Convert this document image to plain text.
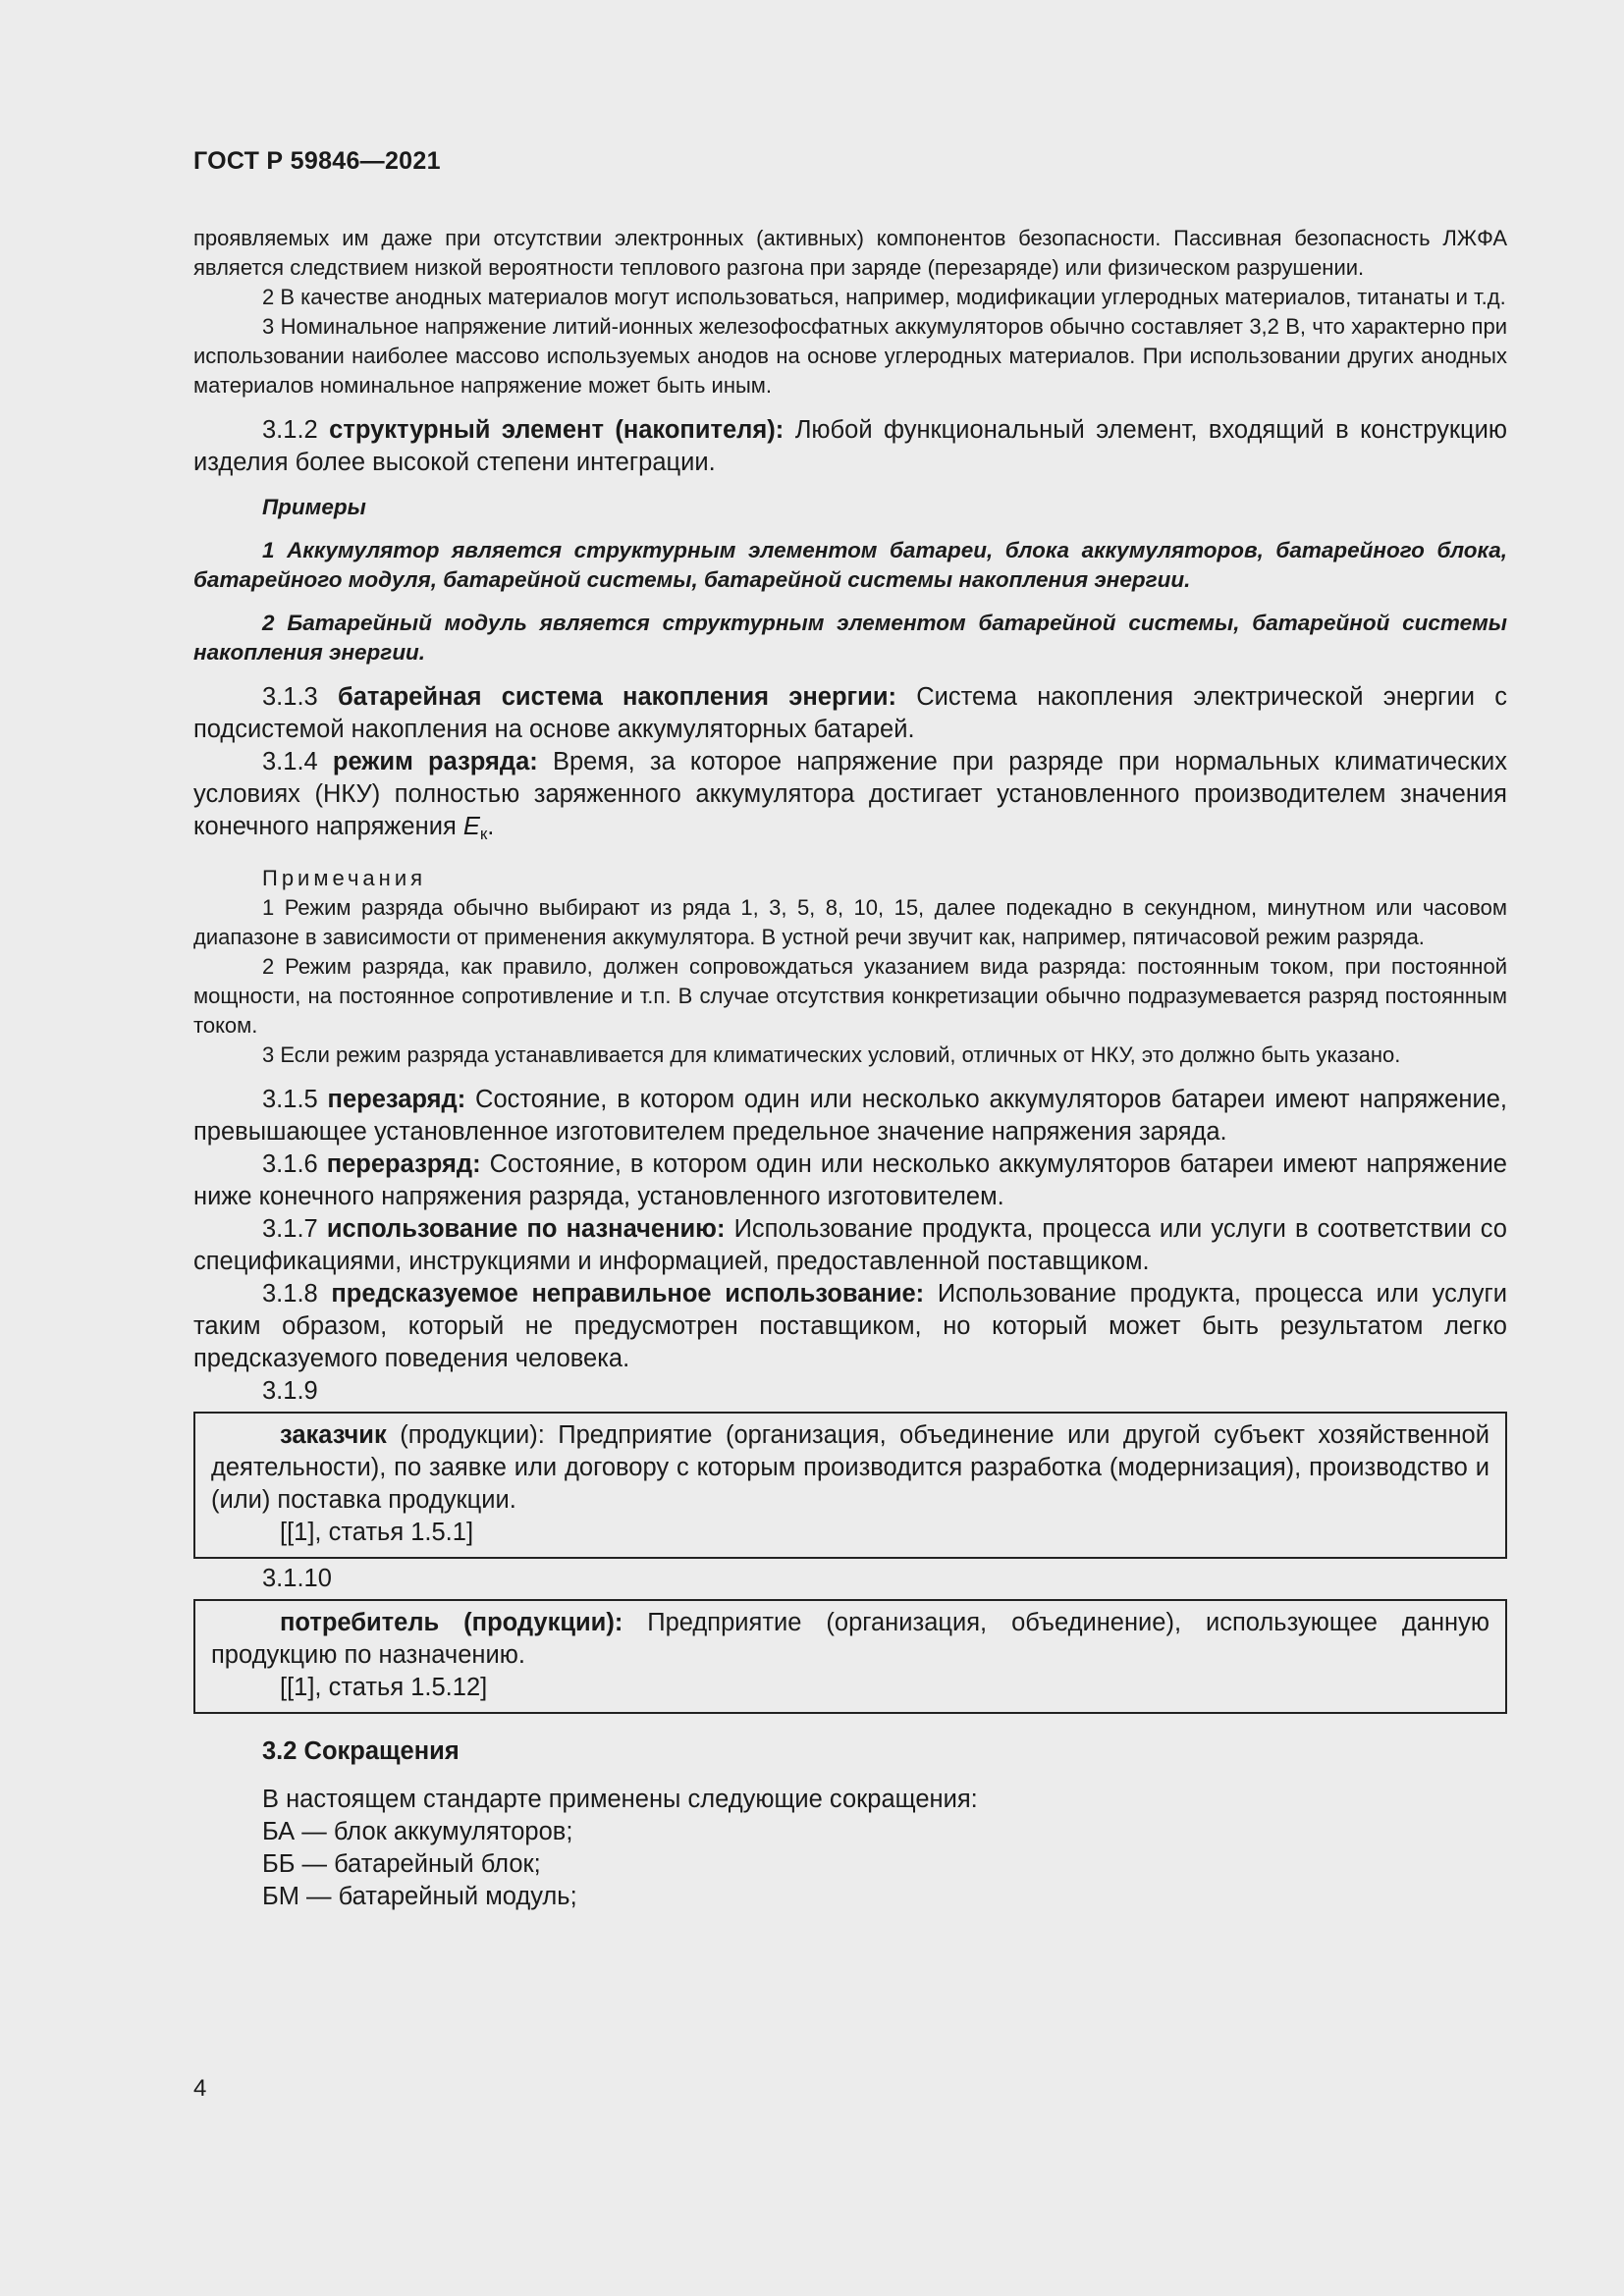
ГОСТ Р 59846—2021

проявляемых им даже при отсутствии электронных (активных) компонентов безопасности. Пассивная безопасность ЛЖФА является следствием низкой вероятности теплового разгона при заряде (перезаряде) или физическом разрушении.

2 В качестве анодных материалов могут использоваться, например, модификации углеродных материалов, титанаты и т.д.

3 Номинальное напряжение литий-ионных железофосфатных аккумуляторов обычно составляет 3,2 В, что характерно при использовании наиболее массово используемых анодов на основе углеродных материалов. При использовании других анодных материалов номинальное напряжение может быть иным.

3.1.2 структурный элемент (накопителя): Любой функциональный элемент, входящий в конструкцию изделия более высокой степени интеграции.

Примеры

1 Аккумулятор является структурным элементом батареи, блока аккумуляторов, батарейного блока, батарейного модуля, батарейной системы, батарейной системы накопления энергии.

2 Батарейный модуль является структурным элементом батарейной системы, батарейной системы накопления энергии.

3.1.3 батарейная система накопления энергии: Система накопления электрической энергии с подсистемой накопления на основе аккумуляторных батарей.

3.1.4 режим разряда: Время, за которое напряжение при разряде при нормальных климатических условиях (НКУ) полностью заряженного аккумулятора достигает установленного производителем значения конечного напряжения $E_к$.

Примечания

1 Режим разряда обычно выбирают из ряда 1, 3, 5, 8, 10, 15, далее подекадно в секундном, минутном или часовом диапазоне в зависимости от применения аккумулятора. В устной речи звучит как, например, пятичасовой режим разряда.

2 Режим разряда, как правило, должен сопровождаться указанием вида разряда: постоянным током, при постоянной мощности, на постоянное сопротивление и т.п. В случае отсутствия конкретизации обычно подразумевается разряд постоянным током.

3 Если режим разряда устанавливается для климатических условий, отличных от НКУ, это должно быть указано.

3.1.5 перезаряд: Состояние, в котором один или несколько аккумуляторов батареи имеют напряжение, превышающее установленное изготовителем предельное значение напряжения заряда.

3.1.6 переразряд: Состояние, в котором один или несколько аккумуляторов батареи имеют напряжение ниже конечного напряжения разряда, установленного изготовителем.

3.1.7 использование по назначению: Использование продукта, процесса или услуги в соответствии со спецификациями, инструкциями и информацией, предоставленной поставщиком.

3.1.8 предсказуемое неправильное использование: Использование продукта, процесса или услуги таким образом, который не предусмотрен поставщиком, но который может быть результатом легко предсказуемого поведения человека.

3.1.9

заказчик (продукции): Предприятие (организация, объединение или другой субъект хозяйственной деятельности), по заявке или договору с которым производится разработка (модернизация), производство и (или) поставка продукции.

[[1], статья 1.5.1]

3.1.10

потребитель (продукции): Предприятие (организация, объединение), использующее данную продукцию по назначению.

[[1], статья 1.5.12]

3.2 Сокращения

В настоящем стандарте применены следующие сокращения:

БА — блок аккумуляторов;

ББ — батарейный блок;

БМ — батарейный модуль;

4
